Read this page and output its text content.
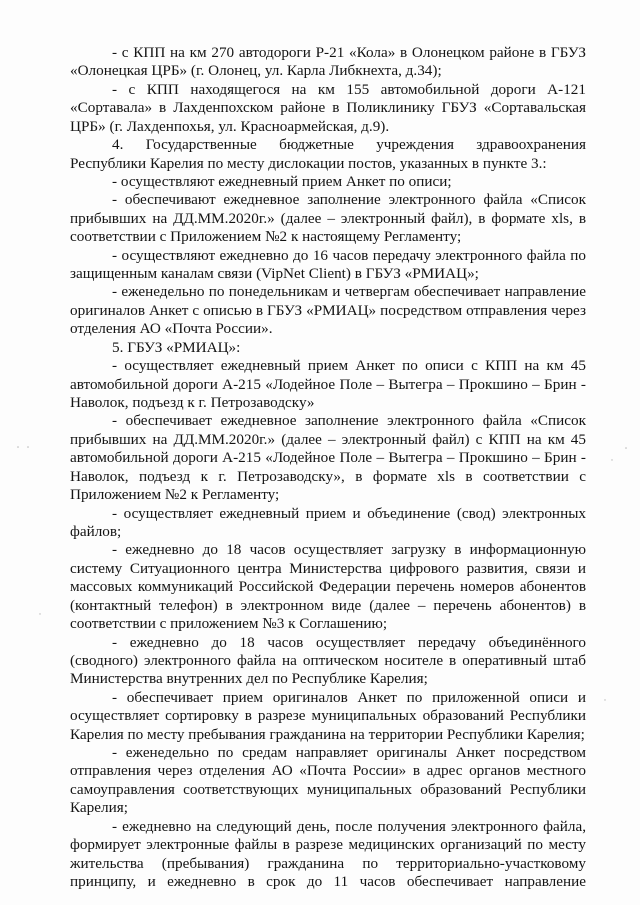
- с КПП на км 270 автодороги Р-21 «Кола» в Олонецком районе в ГБУЗ «Олонецкая ЦРБ» (г. Олонец, ул. Карла Либкнехта, д.34);

- с КПП находящегося на км 155 автомобильной дороги А-121 «Сортавала» в Лахденпохском районе в Поликлинику ГБУЗ «Сортавальская ЦРБ» (г. Лахденпохья, ул. Красноармейская, д.9).

4. Государственные бюджетные учреждения здравоохранения Республики Карелия по месту дислокации постов, указанных в пункте 3.:

- осуществляют ежедневный прием Анкет по описи;

- обеспечивают ежедневное заполнение электронного файла «Список прибывших на ДД.ММ.2020г.» (далее – электронный файл), в формате xls, в соответствии с Приложением №2 к настоящему Регламенту;

- осуществляют ежедневно до 16 часов передачу электронного файла по защищенным каналам связи (VipNet Client) в ГБУЗ «РМИАЦ»;

- еженедельно по понедельникам и четвергам обеспечивает направление оригиналов Анкет с описью в ГБУЗ «РМИАЦ» посредством отправления через отделения АО «Почта России».

5. ГБУЗ «РМИАЦ»:

- осуществляет ежедневный прием Анкет по описи с КПП на км 45 автомобильной дороги А-215 «Лодейное Поле – Вытегра – Прокшино – Брин - Наволок, подъезд к г. Петрозаводску»

- обеспечивает ежедневное заполнение электронного файла «Список прибывших на ДД.ММ.2020г.» (далее – электронный файл) с КПП на км 45 автомобильной дороги А-215 «Лодейное Поле – Вытегра – Прокшино – Брин - Наволок, подъезд к г. Петрозаводску», в формате xls в соответствии с Приложением №2 к Регламенту;

- осуществляет ежедневный прием и объединение (свод) электронных файлов;

- ежедневно до 18 часов осуществляет загрузку в информационную систему Ситуационного центра Министерства цифрового развития, связи и массовых коммуникаций Российской Федерации перечень номеров абонентов (контактный телефон) в электронном виде (далее – перечень абонентов) в соответствии с приложением №3 к Соглашению;

- ежедневно до 18 часов осуществляет передачу объединённого (сводного) электронного файла на оптическом носителе в оперативный штаб Министерства внутренних дел по Республике Карелия;

- обеспечивает прием оригиналов Анкет по приложенной описи и осуществляет сортировку в разрезе муниципальных образований Республики Карелия по месту пребывания гражданина на территории Республики Карелия;

- еженедельно по средам направляет оригиналы Анкет посредством отправления через отделения АО «Почта России» в адрес органов местного самоуправления соответствующих муниципальных образований Республики Карелия;

- ежедневно на следующий день, после получения электронного файла, формирует электронные файлы в разрезе медицинских организаций по месту жительства (пребывания) гражданина по территориально-участковому принципу, и ежедневно в срок до 11 часов обеспечивает направление
